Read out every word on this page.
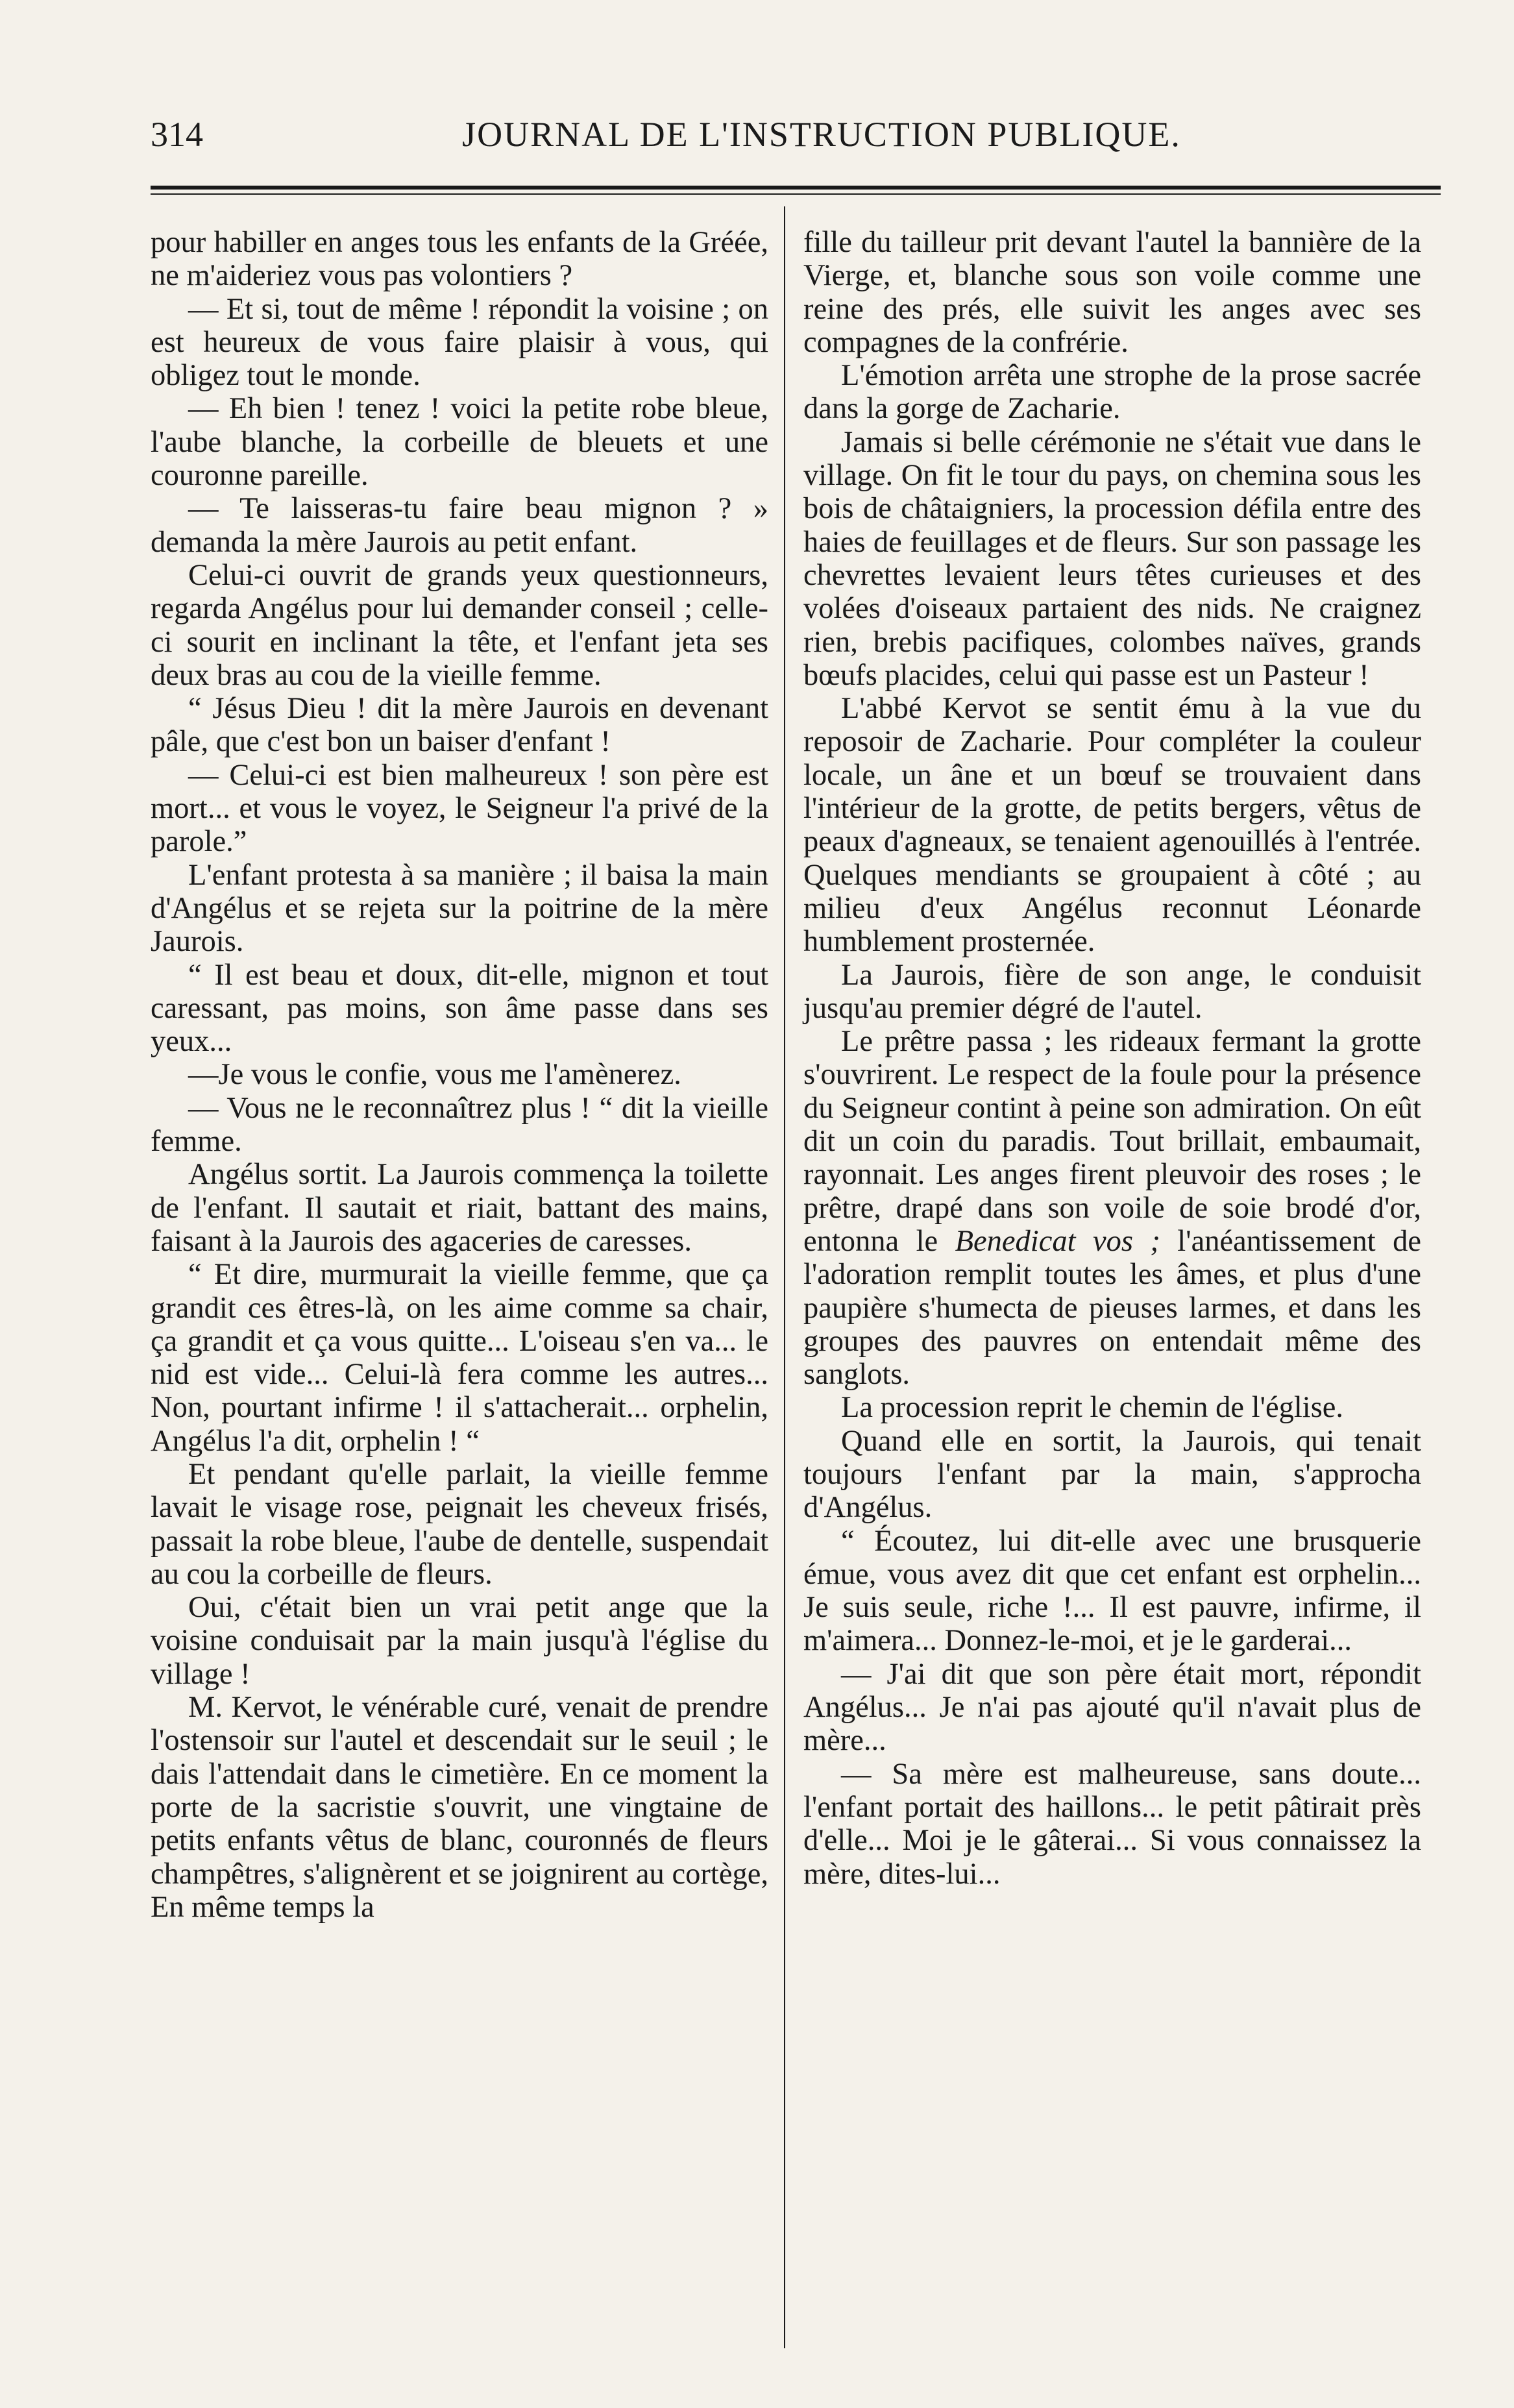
314	JOURNAL DE L'INSTRUCTION PUBLIQUE.

pour habiller en anges tous les enfants de la Gréée, ne m'aideriez vous pas volontiers ?

— Et si, tout de même ! répondit la voisine ; on est heureux de vous faire plaisir à vous, qui obligez tout le monde.

— Eh bien ! tenez ! voici la petite robe bleue, l'aube blanche, la corbeille de bleuets et une couronne pareille.

— Te laisseras-tu faire beau mignon ? » demanda la mère Jaurois au petit enfant.

Celui-ci ouvrit de grands yeux questionneurs, regarda Angélus pour lui demander conseil ; celle-ci sourit en inclinant la tête, et l'enfant jeta ses deux bras au cou de la vieille femme.

“ Jésus Dieu ! dit la mère Jaurois en devenant pâle, que c'est bon un baiser d'enfant !

— Celui-ci est bien malheureux ! son père est mort... et vous le voyez, le Seigneur l'a privé de la parole.”

L'enfant protesta à sa manière ; il baisa la main d'Angélus et se rejeta sur la poitrine de la mère Jaurois.

“ Il est beau et doux, dit-elle, mignon et tout caressant, pas moins, son âme passe dans ses yeux...

—Je vous le confie, vous me l'amènerez.

— Vous ne le reconnaîtrez plus ! “ dit la vieille femme.

Angélus sortit. La Jaurois commença la toilette de l'enfant. Il sautait et riait, battant des mains, faisant à la Jaurois des agaceries de caresses.

“ Et dire, murmurait la vieille femme, que ça grandit ces êtres-là, on les aime comme sa chair, ça grandit et ça vous quitte... L'oiseau s'en va... le nid est vide... Celui-là fera comme les autres... Non, pourtant infirme ! il s'attacherait... orphelin, Angélus l'a dit, orphelin ! “

Et pendant qu'elle parlait, la vieille femme lavait le visage rose, peignait les cheveux frisés, passait la robe bleue, l'aube de dentelle, suspendait au cou la corbeille de fleurs.

Oui, c'était bien un vrai petit ange que la voisine conduisait par la main jusqu'à l'église du village !

M. Kervot, le vénérable curé, venait de prendre l'ostensoir sur l'autel et descendait sur le seuil ; le dais l'attendait dans le cimetière. En ce moment la porte de la sacristie s'ouvrit, une vingtaine de petits enfants vêtus de blanc, couronnés de fleurs champêtres, s'alignèrent et se joignirent au cortège, En même temps la

fille du tailleur prit devant l'autel la bannière de la Vierge, et, blanche sous son voile comme une reine des prés, elle suivit les anges avec ses compagnes de la confrérie.

L'émotion arrêta une strophe de la prose sacrée dans la gorge de Zacharie.

Jamais si belle cérémonie ne s'était vue dans le village. On fit le tour du pays, on chemina sous les bois de châtaigniers, la procession défila entre des haies de feuillages et de fleurs. Sur son passage les chevrettes levaient leurs têtes curieuses et des volées d'oiseaux partaient des nids. Ne craignez rien, brebis pacifiques, colombes naïves, grands bœufs placides, celui qui passe est un Pasteur !

L'abbé Kervot se sentit ému à la vue du reposoir de Zacharie. Pour compléter la couleur locale, un âne et un bœuf se trouvaient dans l'intérieur de la grotte, de petits bergers, vêtus de peaux d'agneaux, se tenaient agenouillés à l'entrée. Quelques mendiants se groupaient à côté ; au milieu d'eux Angélus reconnut Léonarde humblement prosternée.

La Jaurois, fière de son ange, le conduisit jusqu'au premier dégré de l'autel.

Le prêtre passa ; les rideaux fermant la grotte s'ouvrirent. Le respect de la foule pour la présence du Seigneur contint à peine son admiration. On eût dit un coin du paradis. Tout brillait, embaumait, rayonnait. Les anges firent pleuvoir des roses ; le prêtre, drapé dans son voile de soie brodé d'or, entonna le Benedicat vos ; l'anéantissement de l'adoration remplit toutes les âmes, et plus d'une paupière s'humecta de pieuses larmes, et dans les groupes des pauvres on entendait même des sanglots.

La procession reprit le chemin de l'église.

Quand elle en sortit, la Jaurois, qui tenait toujours l'enfant par la main, s'approcha d'Angélus.

“ Écoutez, lui dit-elle avec une brusquerie émue, vous avez dit que cet enfant est orphelin... Je suis seule, riche !... Il est pauvre, infirme, il m'aimera... Donnez-le-moi, et je le garderai...

— J'ai dit que son père était mort, répondit Angélus... Je n'ai pas ajouté qu'il n'avait plus de mère...

— Sa mère est malheureuse, sans doute... l'enfant portait des haillons... le petit pâtirait près d'elle... Moi je le gâterai... Si vous connaissez la mère, dites-lui...
